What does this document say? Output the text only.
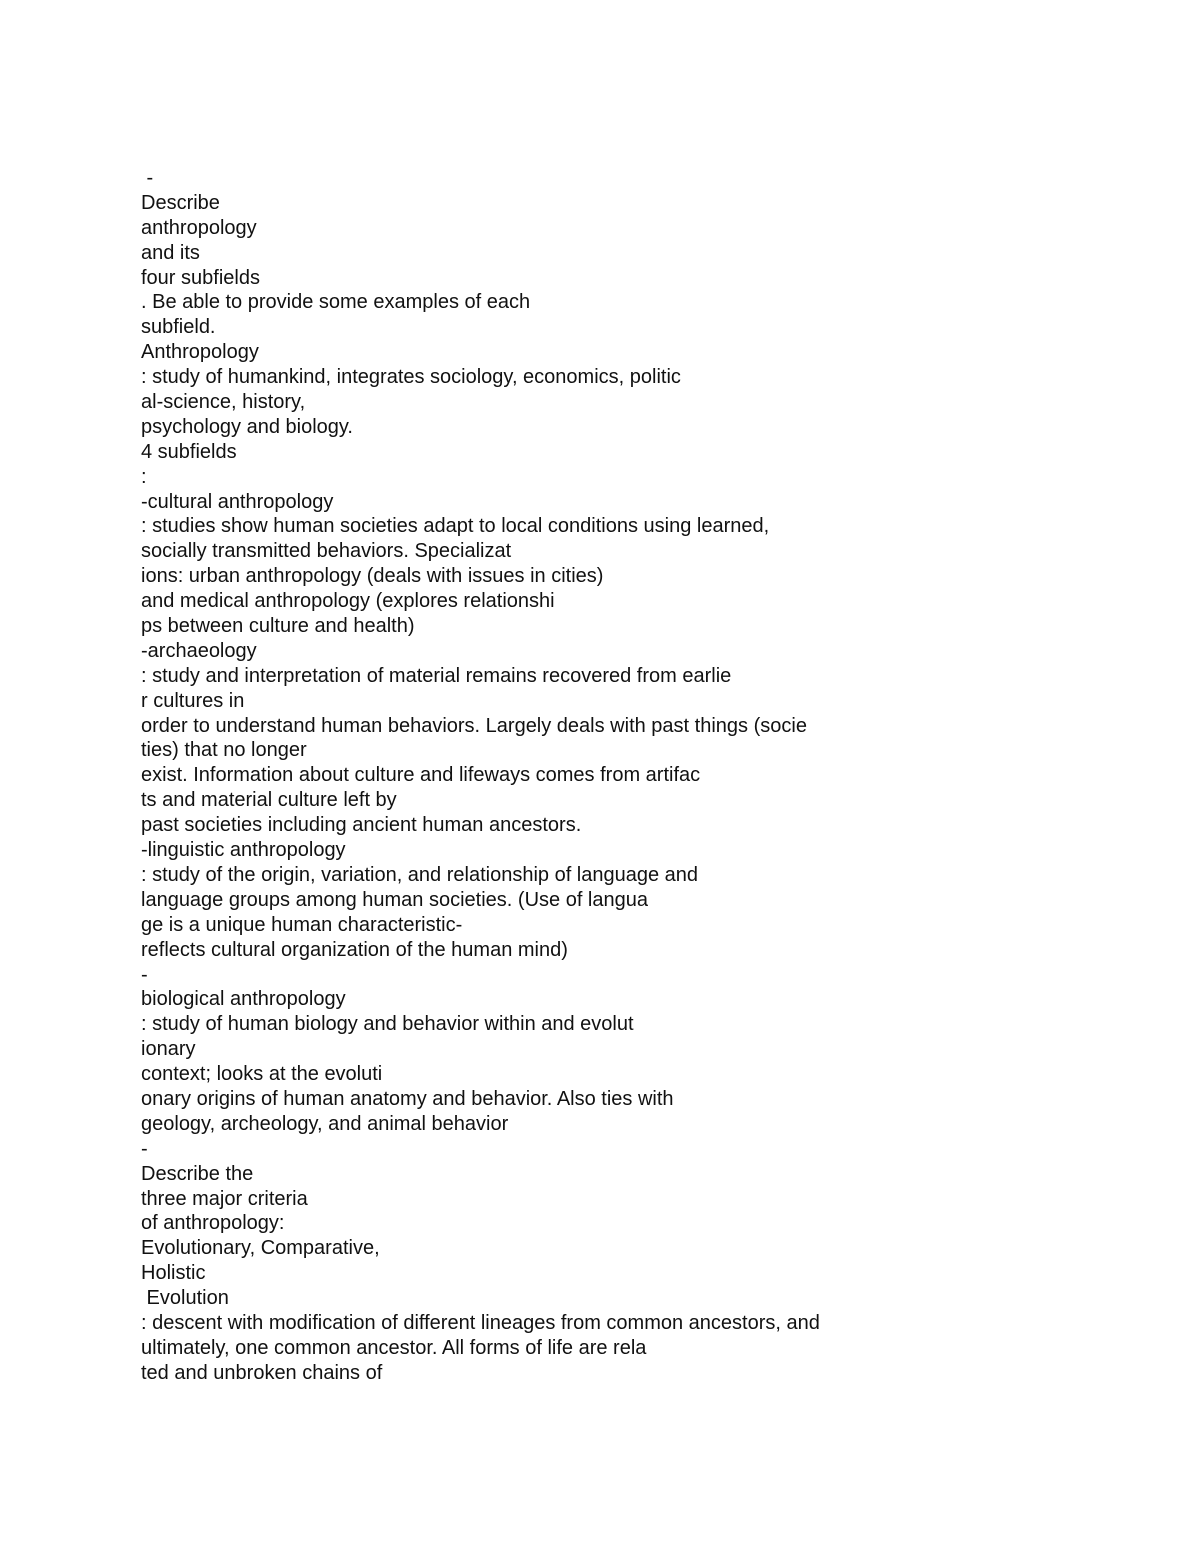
-
Describe
anthropology
and its
four subfields
. Be able to provide some examples of each
subfield.
Anthropology
: study of humankind, integrates sociology, economics, politic
al-science, history,
psychology and biology.
4 subfields
:
-cultural anthropology
: studies show human societies adapt to local conditions using learned,
socially transmitted behaviors. Specializat
ions: urban anthropology (deals with issues in cities)
and medical anthropology (explores relationshi
ps between culture and health)
-archaeology
: study and interpretation of material remains recovered from earlie
r cultures in
order to understand human behaviors. Largely deals with past things (socie
ties) that no longer
exist. Information about culture and lifeways comes from artifac
ts and material culture left by
past societies including ancient human ancestors.
-linguistic anthropology
: study of the origin, variation, and relationship of language and
language groups among human societies. (Use of langua
ge is a unique human characteristic-
reflects cultural organization of the human mind)
-
biological anthropology
: study of human biology and behavior within and evolut
ionary
context; looks at the evoluti
onary origins of human anatomy and behavior. Also ties with
geology, archeology, and animal behavior
-
Describe the
three major criteria
of anthropology:
Evolutionary, Comparative,
Holistic
Evolution
: descent with modification of different lineages from common ancestors, and
ultimately, one common ancestor. All forms of life are rela
ted and unbroken chains of
